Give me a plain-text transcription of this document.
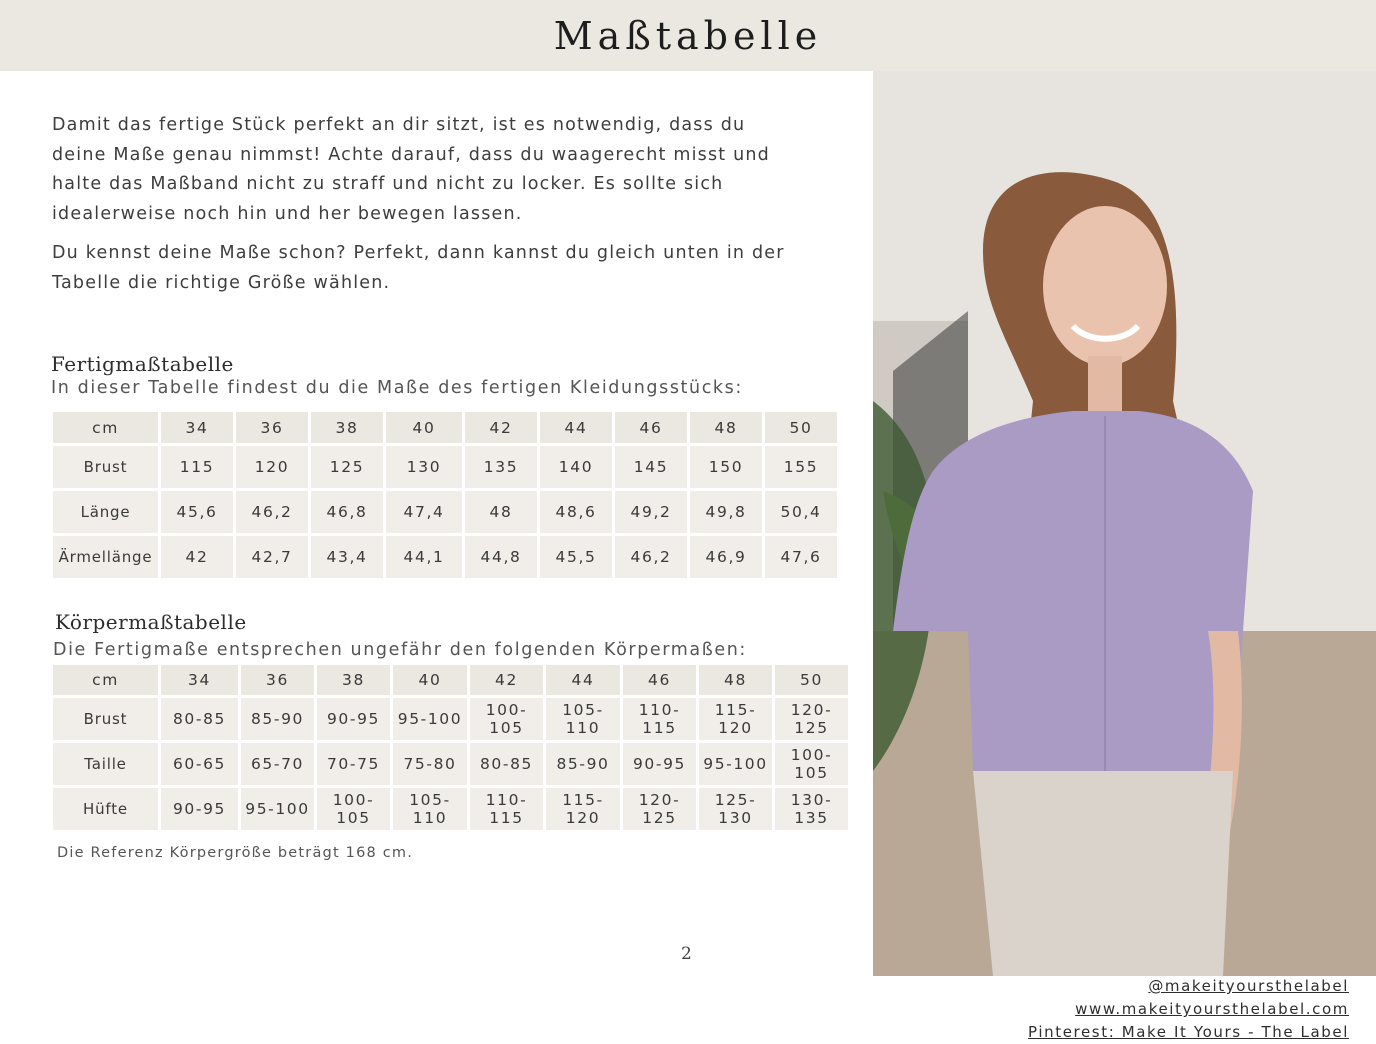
Maßtabelle

Damit das fertige Stück perfekt an dir sitzt, ist es notwendig, dass du deine Maße genau nimmst! Achte darauf, dass du waagerecht misst und halte das Maßband nicht zu straff und nicht zu locker. Es sollte sich idealerweise noch hin und her bewegen lassen.

Du kennst deine Maße schon? Perfekt, dann kannst du gleich unten in der Tabelle die richtige Größe wählen.

Fertigmaßtabelle
In dieser Tabelle findest du die Maße des fertigen Kleidungsstücks:
cm	34	36	38	40	42	44	46	48	50
Brust	115	120	125	130	135	140	145	150	155
Länge	45,6	46,2	46,8	47,4	48	48,6	49,2	49,8	50,4
Ärmellänge	42	42,7	43,4	44,1	44,8	45,5	46,2	46,9	47,6
Körpermaßtabelle
Die Fertigmaße entsprechen ungefähr den folgenden Körpermaßen:
cm	34	36	38	40	42	44	46	48	50
Brust	80-85	85-90	90-95	95-100	100-105	105-110	110-115	115-120	120-125
Taille	60-65	65-70	70-75	75-80	80-85	85-90	90-95	95-100	100-105
Hüfte	90-95	95-100	100-105	105-110	110-115	115-120	120-125	125-130	130-135
Die Referenz Körpergröße beträgt 168 cm.
2
@makeityoursthelabel
www.makeityoursthelabel.com
Pinterest: Make It Yours - The Label
